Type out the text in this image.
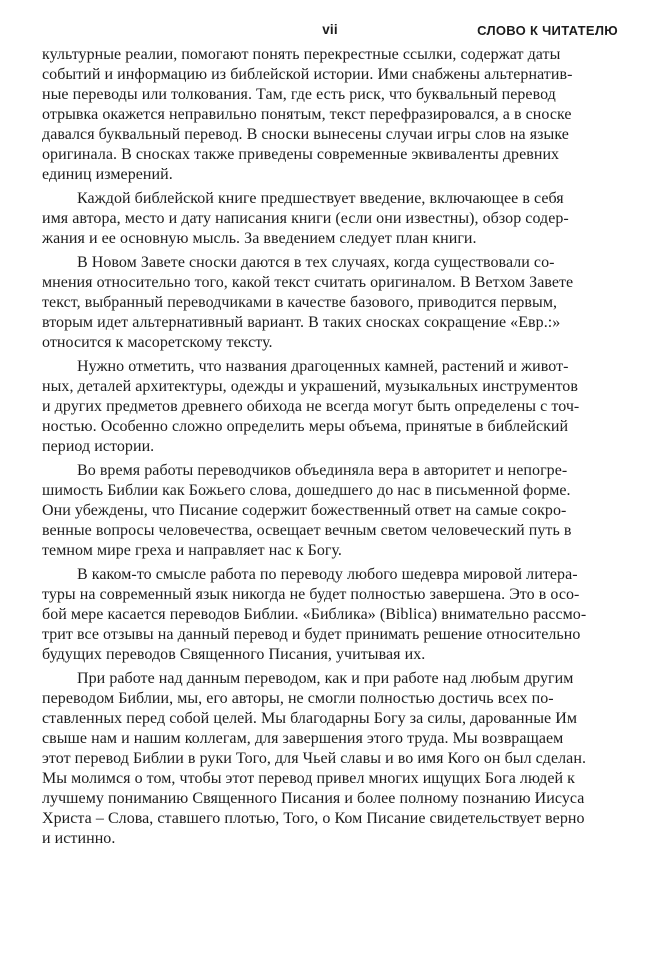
vii	СЛОВО К ЧИТАТЕЛЮ
культурные реалии, помогают понять перекрестные ссылки, содержат даты
событий и информацию из библейской истории. Ими снабжены альтернатив-
ные переводы или толкования. Там, где есть риск, что буквальный перевод
отрывка окажется неправильно понятым, текст перефразировался, а в сноске
давался буквальный перевод. В сноски вынесены случаи игры слов на языке
оригинала. В сносках также приведены современные эквиваленты древних
единиц измерений.
Каждой библейской книге предшествует введение, включающее в себя
имя автора, место и дату написания книги (если они известны), обзор содер-
жания и ее основную мысль. За введением следует план книги.
В Новом Завете сноски даются в тех случаях, когда существовали со-
мнения относительно того, какой текст считать оригиналом. В Ветхом Завете
текст, выбранный переводчиками в качестве базового, приводится первым,
вторым идет альтернативный вариант. В таких сносках сокращение «Евр.:»
относится к масоретскому тексту.
Нужно отметить, что названия драгоценных камней, растений и живот-
ных, деталей архитектуры, одежды и украшений, музыкальных инструментов
и других предметов древнего обихода не всегда могут быть определены с точ-
ностью. Особенно сложно определить меры объема, принятые в библейский
период истории.
Во время работы переводчиков объединяла вера в авторитет и непогре-
шимость Библии как Божьего слова, дошедшего до нас в письменной форме.
Они убеждены, что Писание содержит божественный ответ на самые сокро-
венные вопросы человечества, освещает вечным светом человеческий путь в
темном мире греха и направляет нас к Богу.
В каком-то смысле работа по переводу любого шедевра мировой литера-
туры на современный язык никогда не будет полностью завершена. Это в осо-
бой мере касается переводов Библии. «Библика» (Biblica) внимательно рассмо-
трит все отзывы на данный перевод и будет принимать решение относительно
будущих переводов Священного Писания, учитывая их.
При работе над данным переводом, как и при работе над любым другим
переводом Библии, мы, его авторы, не смогли полностью достичь всех по-
ставленных перед собой целей. Мы благодарны Богу за силы, дарованные Им
свыше нам и нашим коллегам, для завершения этого труда. Мы возвращаем
этот перевод Библии в руки Того, для Чьей славы и во имя Кого он был сделан.
Мы молимся о том, чтобы этот перевод привел многих ищущих Бога людей к
лучшему пониманию Священного Писания и более полному познанию Иисуса
Христа – Слова, ставшего плотью, Того, о Ком Писание свидетельствует верно
и истинно.
